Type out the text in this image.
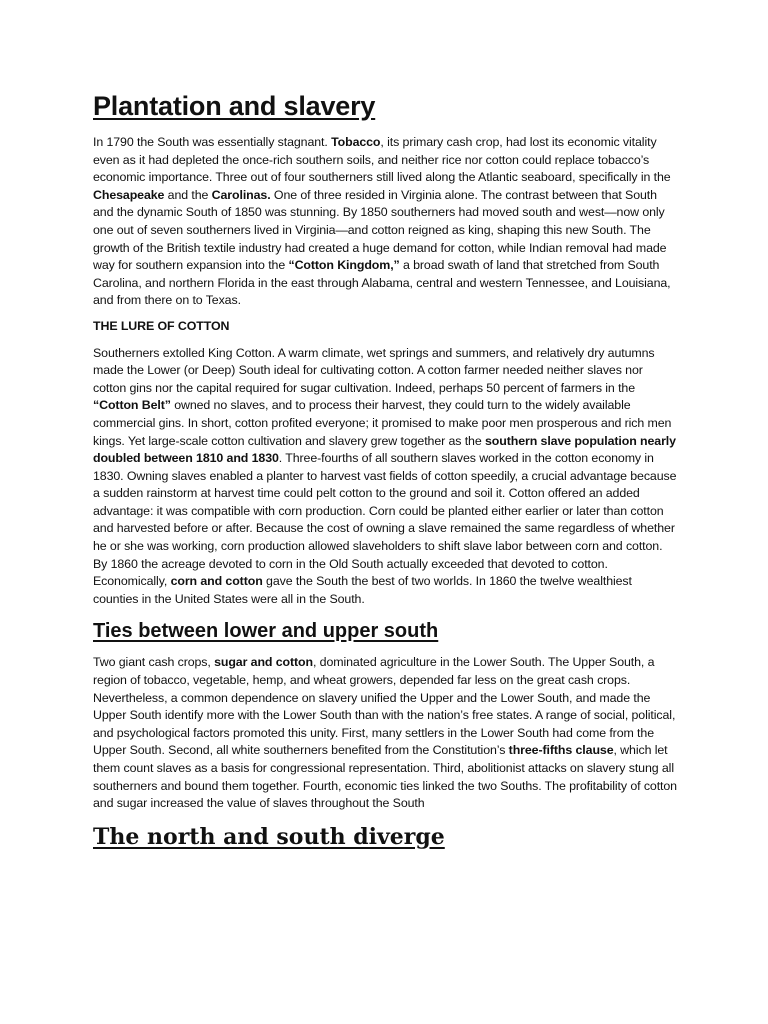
Plantation and slavery

In 1790 the South was essentially stagnant. Tobacco, its primary cash crop, had lost its economic vitality even as it had depleted the once-rich southern soils, and neither rice nor cotton could replace tobacco’s economic importance. Three out of four southerners still lived along the Atlantic seaboard, specifically in the Chesapeake and the Carolinas. One of three resided in Virginia alone. The contrast between that South and the dynamic South of 1850 was stunning. By 1850 southerners had moved south and west—now only one out of seven southerners lived in Virginia—and cotton reigned as king, shaping this new South. The growth of the British textile industry had created a huge demand for cotton, while Indian removal had made way for southern expansion into the “Cotton Kingdom,” a broad swath of land that stretched from South Carolina, and northern Florida in the east through Alabama, central and western Tennessee, and Louisiana, and from there on to Texas.

THE LURE OF COTTON

Southerners extolled King Cotton. A warm climate, wet springs and summers, and relatively dry autumns made the Lower (or Deep) South ideal for cultivating cotton. A cotton farmer needed neither slaves nor cotton gins nor the capital required for sugar cultivation. Indeed, perhaps 50 percent of farmers in the “Cotton Belt” owned no slaves, and to process their harvest, they could turn to the widely available commercial gins. In short, cotton profited everyone; it promised to make poor men prosperous and rich men kings. Yet large-scale cotton cultivation and slavery grew together as the southern slave population nearly doubled between 1810 and 1830. Three-fourths of all southern slaves worked in the cotton economy in 1830. Owning slaves enabled a planter to harvest vast fields of cotton speedily, a crucial advantage because a sudden rainstorm at harvest time could pelt cotton to the ground and soil it. Cotton offered an added advantage: it was compatible with corn production. Corn could be planted either earlier or later than cotton and harvested before or after. Because the cost of owning a slave remained the same regardless of whether he or she was working, corn production allowed slaveholders to shift slave labor between corn and cotton. By 1860 the acreage devoted to corn in the Old South actually exceeded that devoted to cotton. Economically, corn and cotton gave the South the best of two worlds. In 1860 the twelve wealthiest counties in the United States were all in the South.

Ties between lower and upper south

Two giant cash crops, sugar and cotton, dominated agriculture in the Lower South. The Upper South, a region of tobacco, vegetable, hemp, and wheat growers, depended far less on the great cash crops. Nevertheless, a common dependence on slavery unified the Upper and the Lower South, and made the Upper South identify more with the Lower South than with the nation’s free states. A range of social, political, and psychological factors promoted this unity. First, many settlers in the Lower South had come from the Upper South. Second, all white southerners benefited from the Constitution’s three-fifths clause, which let them count slaves as a basis for congressional representation. Third, abolitionist attacks on slavery stung all southerners and bound them together. Fourth, economic ties linked the two Souths. The profitability of cotton and sugar increased the value of slaves throughout the South

The north and south diverge
